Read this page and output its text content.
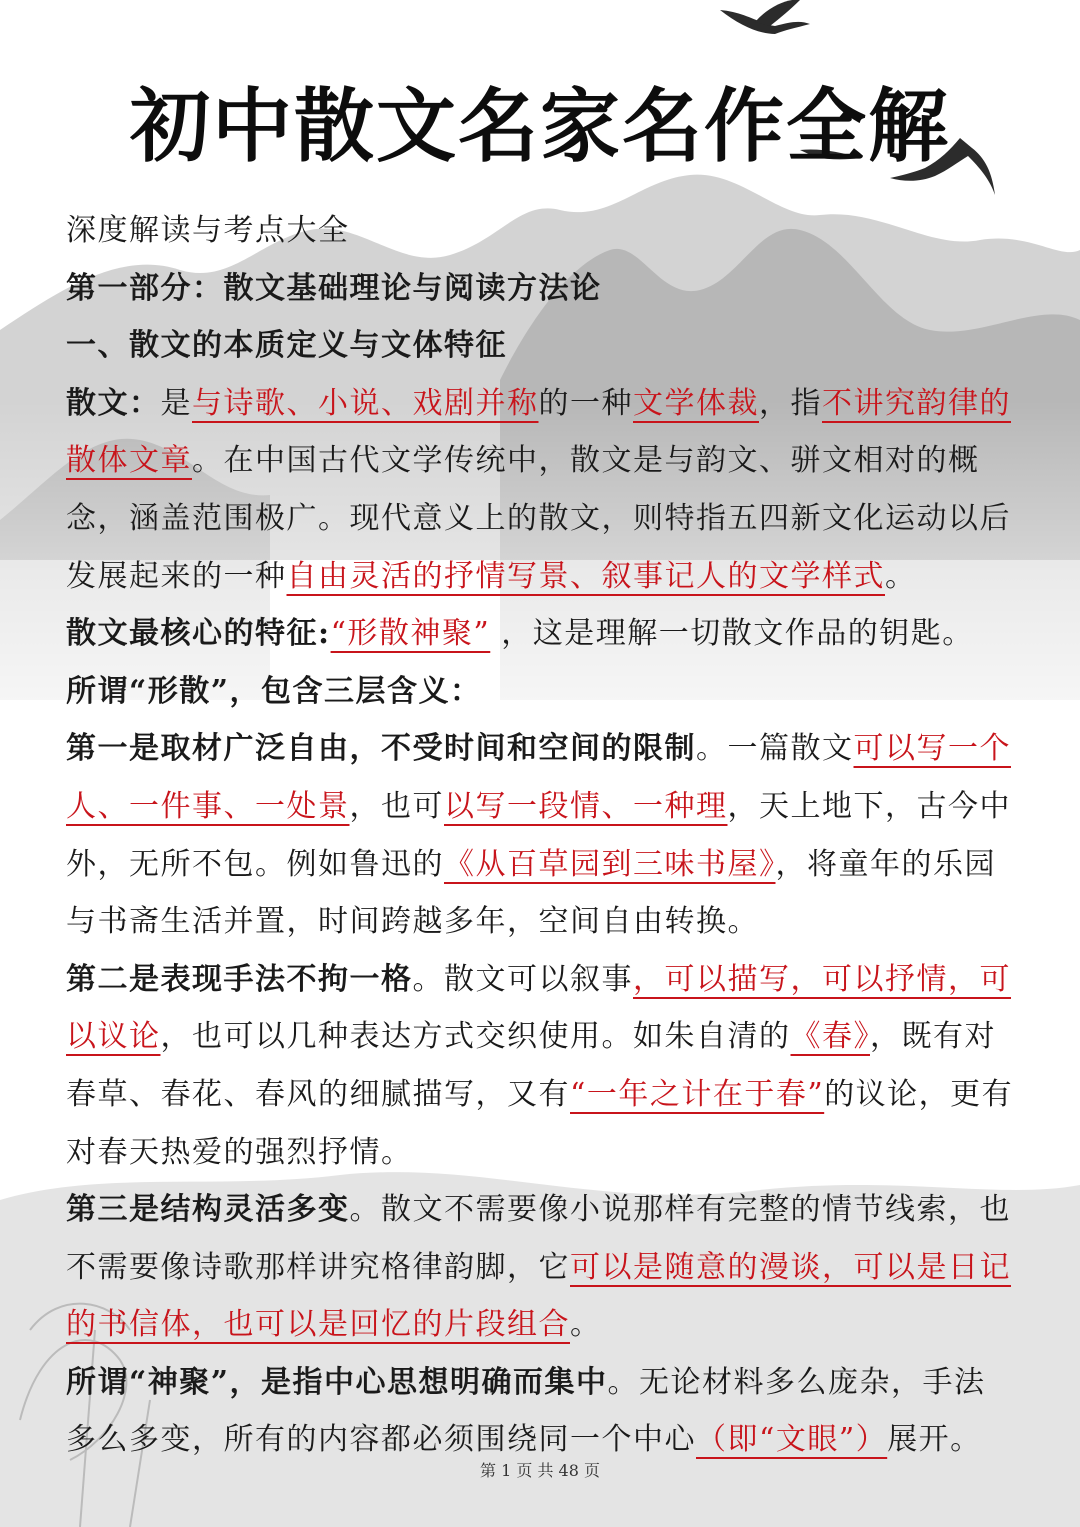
初中散文名家名作全解

深度解读与考点大全

第一部分：散文基础理论与阅读方法论

一、散文的本质定义与文体特征

散文：是与诗歌、小说、戏剧并称的一种文学体裁，指不讲究韵律的散体文章。在中国古代文学传统中，散文是与韵文、骈文相对的概念，涵盖范围极广。现代意义上的散文，则特指五四新文化运动以后发展起来的一种自由灵活的抒情写景、叙事记人的文学样式。

散文最核心的特征:“形散神聚” ，这是理解一切散文作品的钥匙。

所谓“形散”，包含三层含义：

第一是取材广泛自由，不受时间和空间的限制。一篇散文可以写一个人、一件事、一处景，也可以写一段情、一种理，天上地下，古今中外，无所不包。例如鲁迅的《从百草园到三味书屋》，将童年的乐园与书斋生活并置，时间跨越多年，空间自由转换。

第二是表现手法不拘一格。散文可以叙事，可以描写，可以抒情，可以议论，也可以几种表达方式交织使用。如朱自清的《春》，既有对春草、春花、春风的细腻描写，又有“一年之计在于春”的议论，更有对春天热爱的强烈抒情。

第三是结构灵活多变。散文不需要像小说那样有完整的情节线索，也不需要像诗歌那样讲究格律韵脚，它可以是随意的漫谈，可以是日记的书信体，也可以是回忆的片段组合。

所谓“神聚”，是指中心思想明确而集中。无论材料多么庞杂，手法多么多变，所有的内容都必须围绕同一个中心（即“文眼”）展开。

第 1 页 共 48 页
